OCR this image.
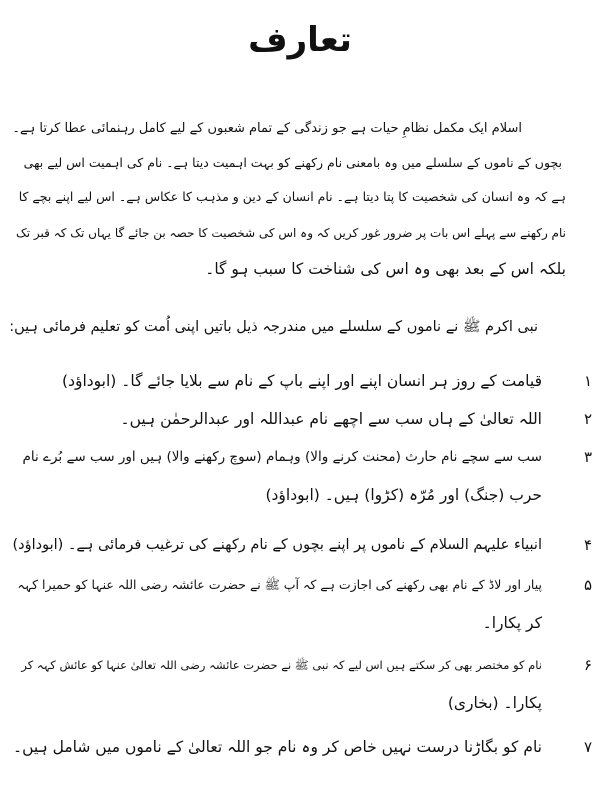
تعارف
اسلام ایک مکمل نظامِ حیات ہے جو زندگی کے تمام شعبوں کے لیے کامل رہنمائی عطا کرتا ہے۔
بچوں کے ناموں کے سلسلے میں وہ بامعنی نام رکھنے کو بہت اہمیت دیتا ہے۔ نام کی اہمیت اس لیے بھی
ہے کہ وہ انسان کی شخصیت کا پتا دیتا ہے۔ نام انسان کے دین و مذہب کا عکاس ہے۔ اس لیے اپنے بچے کا
نام رکھنے سے پہلے اس بات پر ضرور غور کریں کہ وہ اس کی شخصیت کا حصہ بن جائے گا یہاں تک کہ قبر تک
بلکہ اس کے بعد بھی وہ اس کی شناخت کا سبب ہو گا۔
نبی اکرم ﷺ نے ناموں کے سلسلے میں مندرجہ ذیل باتیں اپنی اُمت کو تعلیم فرمائی ہیں:
۱
قیامت کے روز ہر انسان اپنے اور اپنے باپ کے نام سے بلایا جائے گا۔ (ابوداؤد)
۲
اللہ تعالیٰ کے ہاں سب سے اچھے نام عبداللہ اور عبدالرحمٰن ہیں۔
۳
سب سے سچے نام حارث (محنت کرنے والا) وہمام (سوچ رکھنے والا) ہیں اور سب سے بُرے نام
حرب (جنگ) اور مُرّہ (کڑوا) ہیں۔ (ابوداؤد)
۴
انبیاء علیہم السلام کے ناموں پر اپنے بچوں کے نام رکھنے کی ترغیب فرمائی ہے۔ (ابوداؤد)
۵
پیار اور لاڈ کے نام بھی رکھنے کی اجازت ہے کہ آپ ﷺ نے حضرت عائشہ رضی اللہ عنہا کو حمیرا کہہ
کر پکارا۔
۶
نام کو مختصر بھی کر سکتے ہیں اس لیے کہ نبی ﷺ نے حضرت عائشہ رضی اللہ تعالیٰ عنہا کو عائش کہہ کر
پکارا۔ (بخاری)
۷
نام کو بگاڑنا درست نہیں خاص کر وہ نام جو اللہ تعالیٰ کے ناموں میں شامل ہیں۔
